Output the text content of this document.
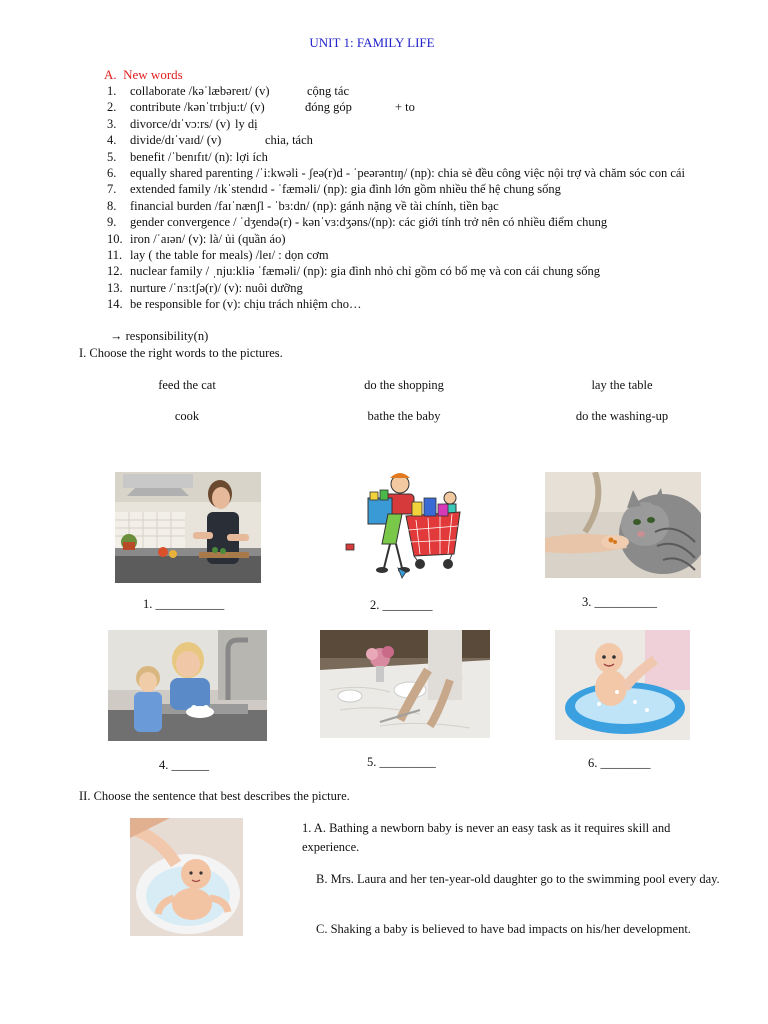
UNIT 1: FAMILY LIFE
A.  New words
1.	collaborate /kəˈlæbəreɪt/ (v)	cộng tác
2.	contribute /kənˈtrɪbju:t/ (v)	đóng góp	+ to
3.	divorce/dɪˈvɔ:rs/ (v) ly dị
4.	divide/dɪˈvaɪd/ (v)	chia, tách
5.	benefit /ˈbenɪfɪt/ (n): lợi ích
6.	equally shared parenting /ˈi:kwəli - ʃeə(r)d - ˈpeərəntɪŋ/ (np): chia sẻ đều công việc nội trợ và chăm sóc con cái
7.	extended family /ɪkˈstendɪd - ˈfæməli/ (np): gia đình lớn gồm nhiều thế hệ chung sống
8.	financial burden /faɪˈnænʃl - ˈbɜ:dn/ (np): gánh nặng về tài chính, tiền bạc
9.	gender convergence / ˈdʒendə(r) - kənˈvɜ:dʒəns/(np): các giới tính trở nên có nhiều điểm chung
10. iron /ˈaɪən/ (v): là/ ủi (quần áo)
11. lay ( the table for meals) /leɪ/ : dọn cơm
12. nuclear family / ˌnju:kliə ˈfæməli/ (np): gia đình nhỏ chỉ gồm có bố mẹ và con cái chung sống
13. nurture /ˈnɜ:tʃə(r)/ (v): nuôi dưỡng
14. be responsible for (v): chịu trách nhiệm cho…
→ responsibility(n)
I. Choose the right words to the pictures.
feed the cat	do the shopping	lay the table
cook	bathe the baby	do the washing-up
1. ___________	2. ________	3. __________
4. ______	5. _________	6. ________
II. Choose the sentence that best describes the picture.
1. A. Bathing a newborn baby is never an easy task as it requires skill and experience.
B. Mrs. Laura and her ten-year-old daughter go to the swimming pool every day.
C. Shaking a baby is believed to have bad impacts on his/her development.
